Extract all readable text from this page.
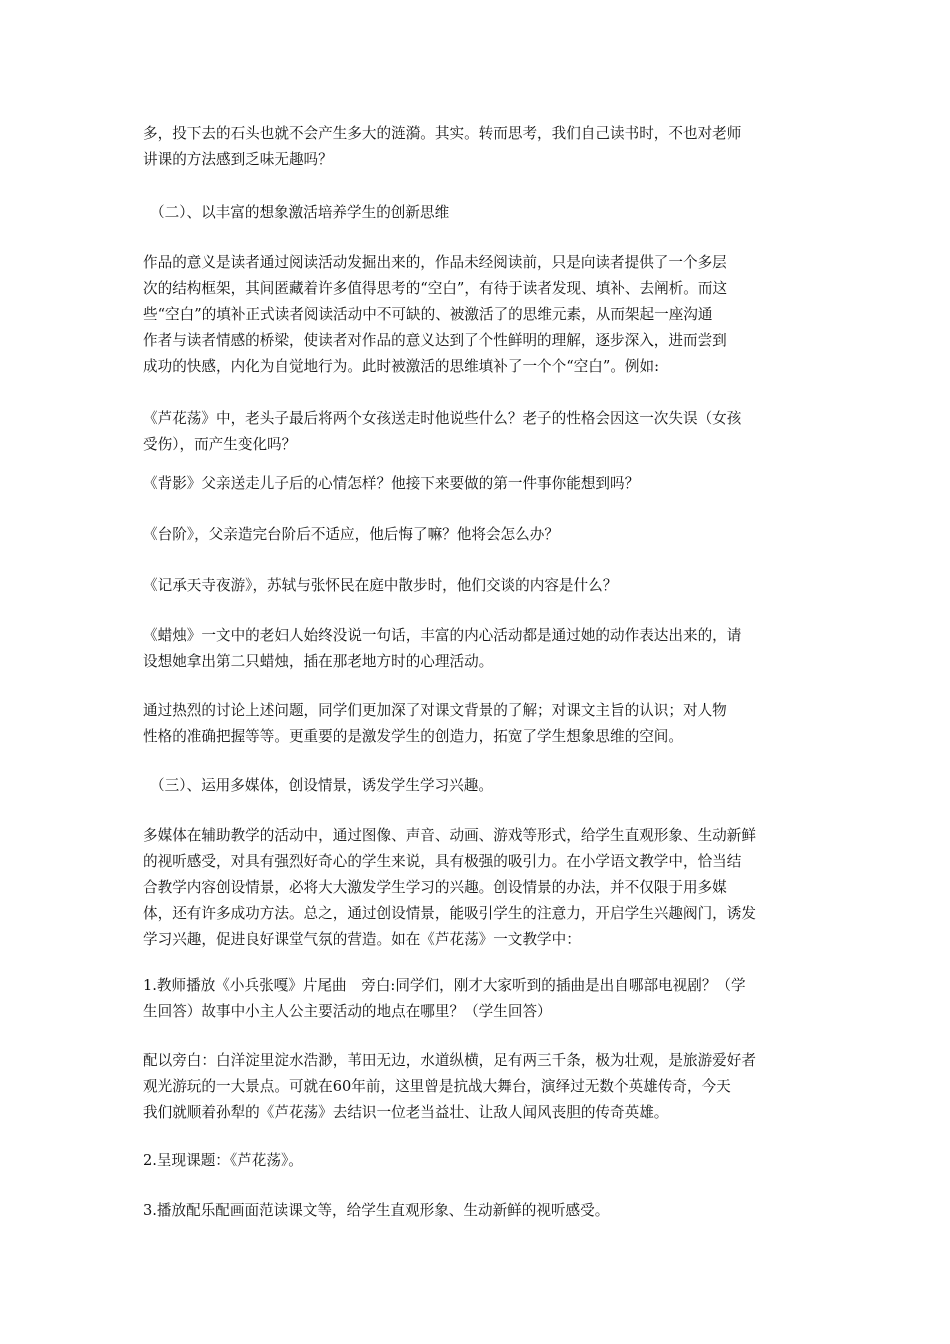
多，投下去的石头也就不会产生多大的涟漪。其实。转而思考，我们自己读书时，不也对老师
讲课的方法感到乏味无趣吗？

（二）、以丰富的想象激活培养学生的创新思维

作品的意义是读者通过阅读活动发掘出来的，作品未经阅读前，只是向读者提供了一个多层
次的结构框架，其间匿藏着许多值得思考的“空白”，有待于读者发现、填补、去阐析。而这
些“空白”的填补正式读者阅读活动中不可缺的、被激活了的思维元素，从而架起一座沟通
作者与读者情感的桥梁，使读者对作品的意义达到了个性鲜明的理解，逐步深入，进而尝到
成功的快感，内化为自觉地行为。此时被激活的思维填补了一个个“空白”。例如:

《芦花荡》中，老头子最后将两个女孩送走时他说些什么？老子的性格会因这一次失误（女孩
受伤），而产生变化吗？

《背影》父亲送走儿子后的心情怎样？他接下来要做的第一件事你能想到吗？

《台阶》，父亲造完台阶后不适应，他后悔了嘛？他将会怎么办？

《记承天寺夜游》，苏轼与张怀民在庭中散步时，他们交谈的内容是什么？

《蜡烛》一文中的老妇人始终没说一句话，丰富的内心活动都是通过她的动作表达出来的，请
设想她拿出第二只蜡烛，插在那老地方时的心理活动。

通过热烈的讨论上述问题，同学们更加深了对课文背景的了解；对课文主旨的认识；对人物
性格的准确把握等等。更重要的是激发学生的创造力，拓宽了学生想象思维的空间。

（三）、运用多媒体，创设情景，诱发学生学习兴趣。

多媒体在辅助教学的活动中，通过图像、声音、动画、游戏等形式，给学生直观形象、生动新鲜
的视听感受，对具有强烈好奇心的学生来说，具有极强的吸引力。在小学语文教学中，恰当结
合教学内容创设情景，必将大大激发学生学习的兴趣。创设情景的办法，并不仅限于用多媒
体，还有许多成功方法。总之，通过创设情景，能吸引学生的注意力，开启学生兴趣阀门，诱发
学习兴趣，促进良好课堂气氛的营造。如在《芦花荡》一文教学中：

1.教师播放《小兵张嘎》片尾曲　旁白:同学们，刚才大家听到的插曲是出自哪部电视剧？（学
生回答）故事中小主人公主要活动的地点在哪里？（学生回答）

配以旁白：白洋淀里淀水浩渺，苇田无边，水道纵横，足有两三千条，极为壮观，是旅游爱好者
观光游玩的一大景点。可就在60年前，这里曾是抗战大舞台，演绎过无数个英雄传奇，今天
我们就顺着孙犁的《芦花荡》去结识一位老当益壮、让敌人闻风丧胆的传奇英雄。

2.呈现课题：《芦花荡》。

3.播放配乐配画面范读课文等，给学生直观形象、生动新鲜的视听感受。
